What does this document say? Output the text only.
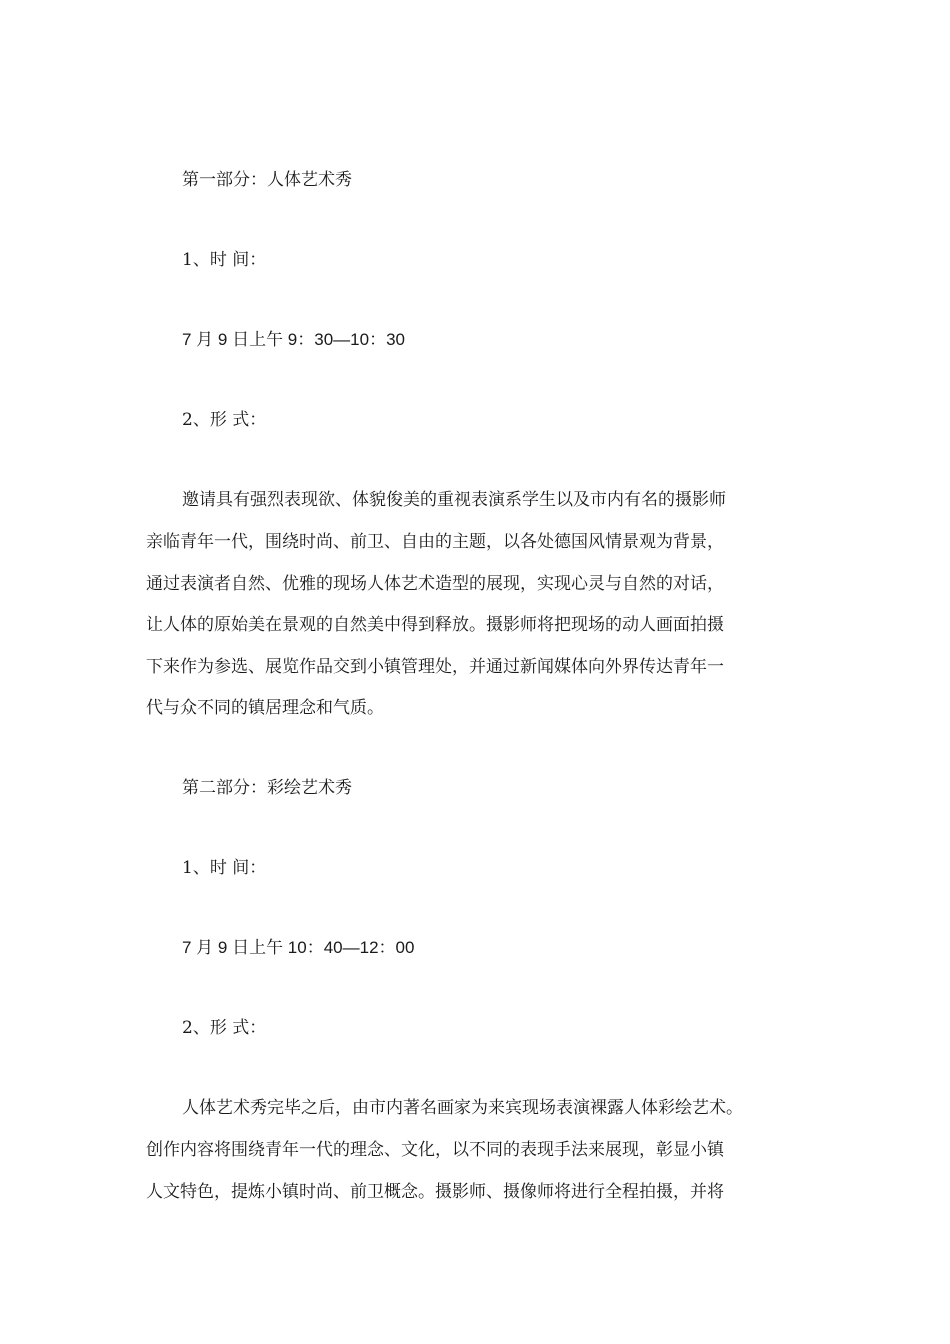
第一部分：人体艺术秀
1、时 间：
7 月 9 日上午 9：30—10：30
2、形 式：
邀请具有强烈表现欲、体貌俊美的重视表演系学生以及市内有名的摄影师
亲临青年一代，围绕时尚、前卫、自由的主题，以各处德国风情景观为背景，
通过表演者自然、优雅的现场人体艺术造型的展现，实现心灵与自然的对话，
让人体的原始美在景观的自然美中得到释放。摄影师将把现场的动人画面拍摄
下来作为参选、展览作品交到小镇管理处，并通过新闻媒体向外界传达青年一
代与众不同的镇居理念和气质。
第二部分：彩绘艺术秀
1、时 间：
7 月 9 日上午 10：40—12：00
2、形 式：
人体艺术秀完毕之后，由市内著名画家为来宾现场表演裸露人体彩绘艺术。
创作内容将围绕青年一代的理念、文化，以不同的表现手法来展现，彰显小镇
人文特色，提炼小镇时尚、前卫概念。摄影师、摄像师将进行全程拍摄，并将
